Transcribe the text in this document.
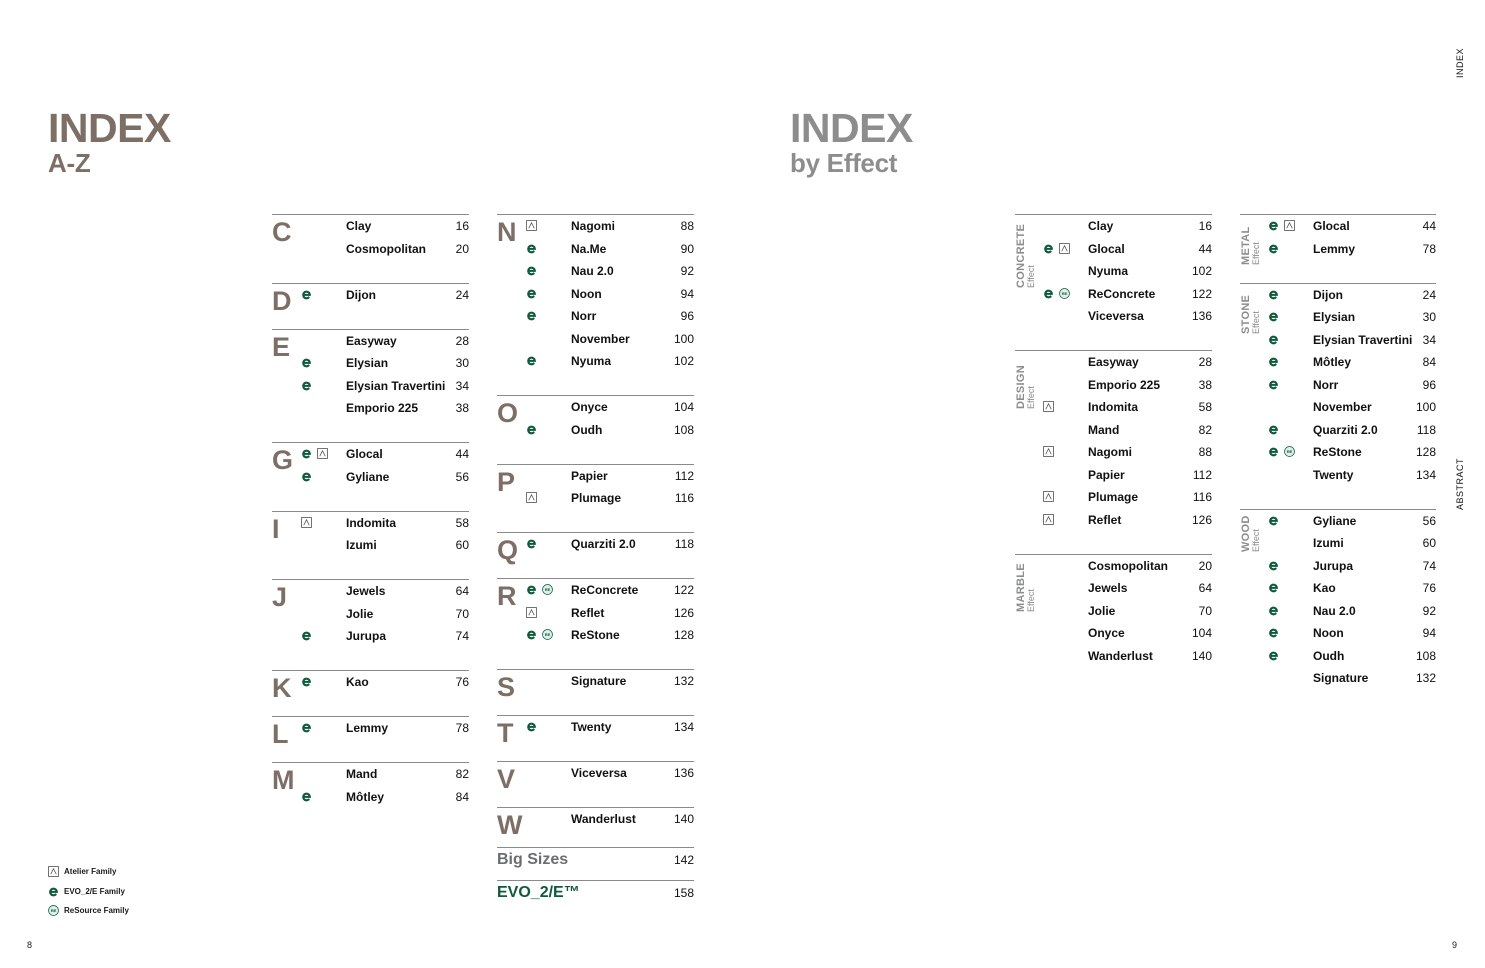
INDEX
A-Z
INDEX
by Effect
INDEX
ABSTRACT
C	Clay	16
Cosmopolitan 20
D	Dijon	24
E	Easyway	28
Elysian	30
Elysian Travertini 34
Emporio 225	38
G	Glocal	44
Gyliane	56
I	Indomita	58
Izumi	60
J	Jewels	64
Jolie	70
Jurupa	74
K	Kao	76
L	Lemmy	78
M	Mand	82
Môtley	84
N	Nagomi	88
Na.Me	90
Nau 2.0	92
Noon	94
Norr	96
November	100
Nyuma	102
O	Onyce	104
Oudh	108
P	Papier	112
Plumage	116
Q	Quarziti 2.0	118
R	RE ReConcrete	122
Reflet	126
RE ReStone	128
S	Signature	132
T	Twenty	134
V	Viceversa	136
W	Wanderlust	140
CONCRETE Effect
Clay	16
Glocal	44
Nyuma	102
RE ReConcrete	122
Viceversa	136
DESIGN Effect
Easyway	28
Emporio 225	38
Indomita	58
Mand	82
Nagomi	88
Papier	112
Plumage	116
Reflet	126
MARBLE Effect
Cosmopolitan	20
Jewels	64
Jolie	70
Onyce	104
Wanderlust	140
METAL Effect
Glocal	44
Lemmy	78
STONE Effect
Dijon	24
Elysian	30
Elysian Travertini 34
Môtley	84
Norr	96
November	100
Quarziti 2.0	118
RE ReStone	128
Twenty	134
WOOD Effect
Gyliane	56
Izumi	60
Jurupa	74
Kao	76
Nau 2.0	92
Noon	94
Oudh	108
Signature	132
Big Sizes	142
EVO_2/E™	158
Atelier Family
EVO_2/E Family
RE ReSource Family
8	9
